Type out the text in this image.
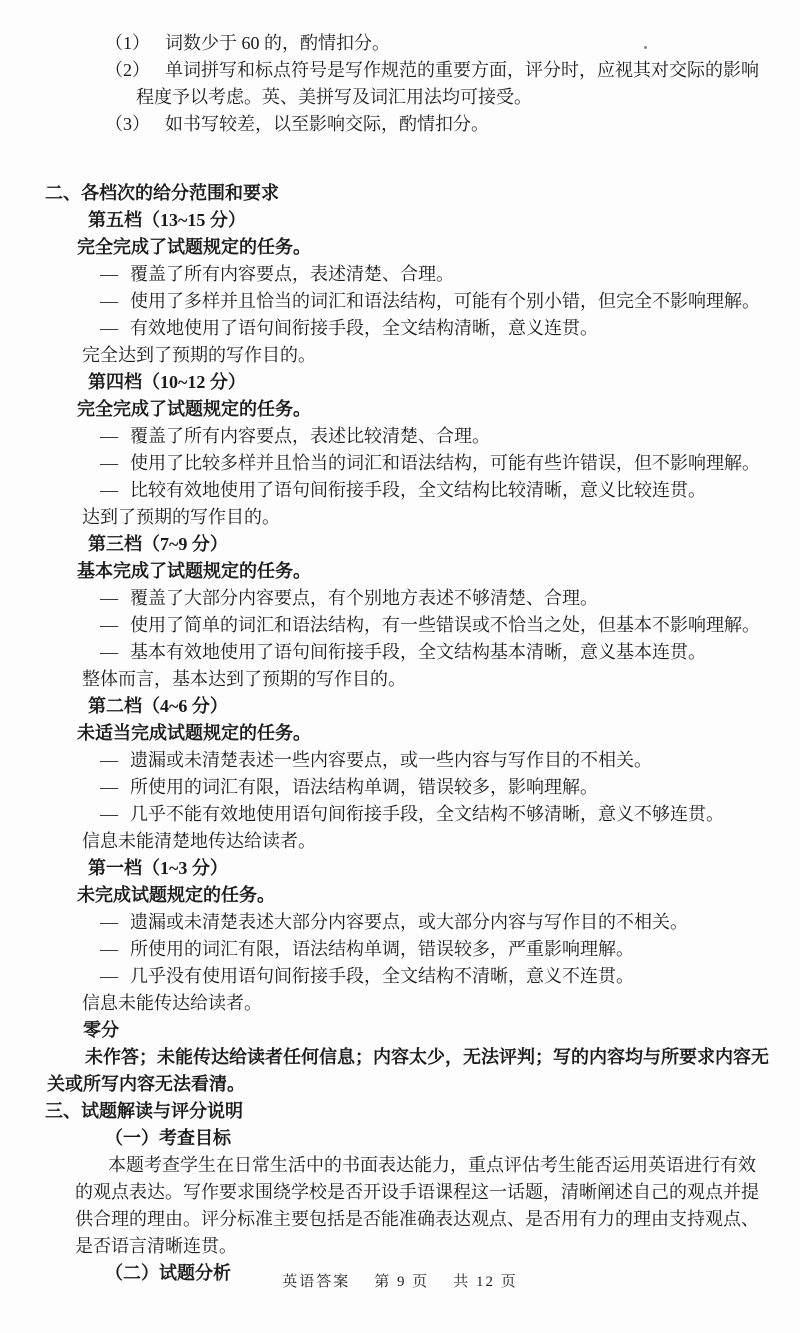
（1） 词数少于 60 的，酌情扣分。
（2） 单词拼写和标点符号是写作规范的重要方面，评分时，应视其对交际的影响程度予以考虑。英、美拼写及词汇用法均可接受。
（3） 如书写较差，以至影响交际，酌情扣分。
二、各档次的给分范围和要求
第五档（13~15 分）
完全完成了试题规定的任务。
— 覆盖了所有内容要点，表述清楚、合理。
— 使用了多样并且恰当的词汇和语法结构，可能有个别小错，但完全不影响理解。
— 有效地使用了语句间衔接手段，全文结构清晰，意义连贯。
完全达到了预期的写作目的。
第四档（10~12 分）
完全完成了试题规定的任务。
— 覆盖了所有内容要点，表述比较清楚、合理。
— 使用了比较多样并且恰当的词汇和语法结构，可能有些许错误，但不影响理解。
— 比较有效地使用了语句间衔接手段，全文结构比较清晰，意义比较连贯。
达到了预期的写作目的。
第三档（7~9 分）
基本完成了试题规定的任务。
— 覆盖了大部分内容要点，有个别地方表述不够清楚、合理。
— 使用了简单的词汇和语法结构，有一些错误或不恰当之处，但基本不影响理解。
— 基本有效地使用了语句间衔接手段，全文结构基本清晰，意义基本连贯。
整体而言，基本达到了预期的写作目的。
第二档（4~6 分）
未适当完成试题规定的任务。
— 遗漏或未清楚表述一些内容要点，或一些内容与写作目的不相关。
— 所使用的词汇有限，语法结构单调，错误较多，影响理解。
— 几乎不能有效地使用语句间衔接手段，全文结构不够清晰，意义不够连贯。
信息未能清楚地传达给读者。
第一档（1~3 分）
未完成试题规定的任务。
— 遗漏或未清楚表述大部分内容要点，或大部分内容与写作目的不相关。
— 所使用的词汇有限，语法结构单调，错误较多，严重影响理解。
— 几乎没有使用语句间衔接手段，全文结构不清晰，意义不连贯。
信息未能传达给读者。
零分
未作答；未能传达给读者任何信息；内容太少，无法评判；写的内容均与所要求内容无关或所写内容无法看清。
三、试题解读与评分说明
（一）考查目标
本题考查学生在日常生活中的书面表达能力，重点评估考生能否运用英语进行有效的观点表达。写作要求围绕学校是否开设手语课程这一话题，清晰阐述自己的观点并提供合理的理由。评分标准主要包括是否能准确表达观点、是否用有力的理由支持观点、是否语言清晰连贯。
（二）试题分析	英语答案 第 9 页 共 12 页
